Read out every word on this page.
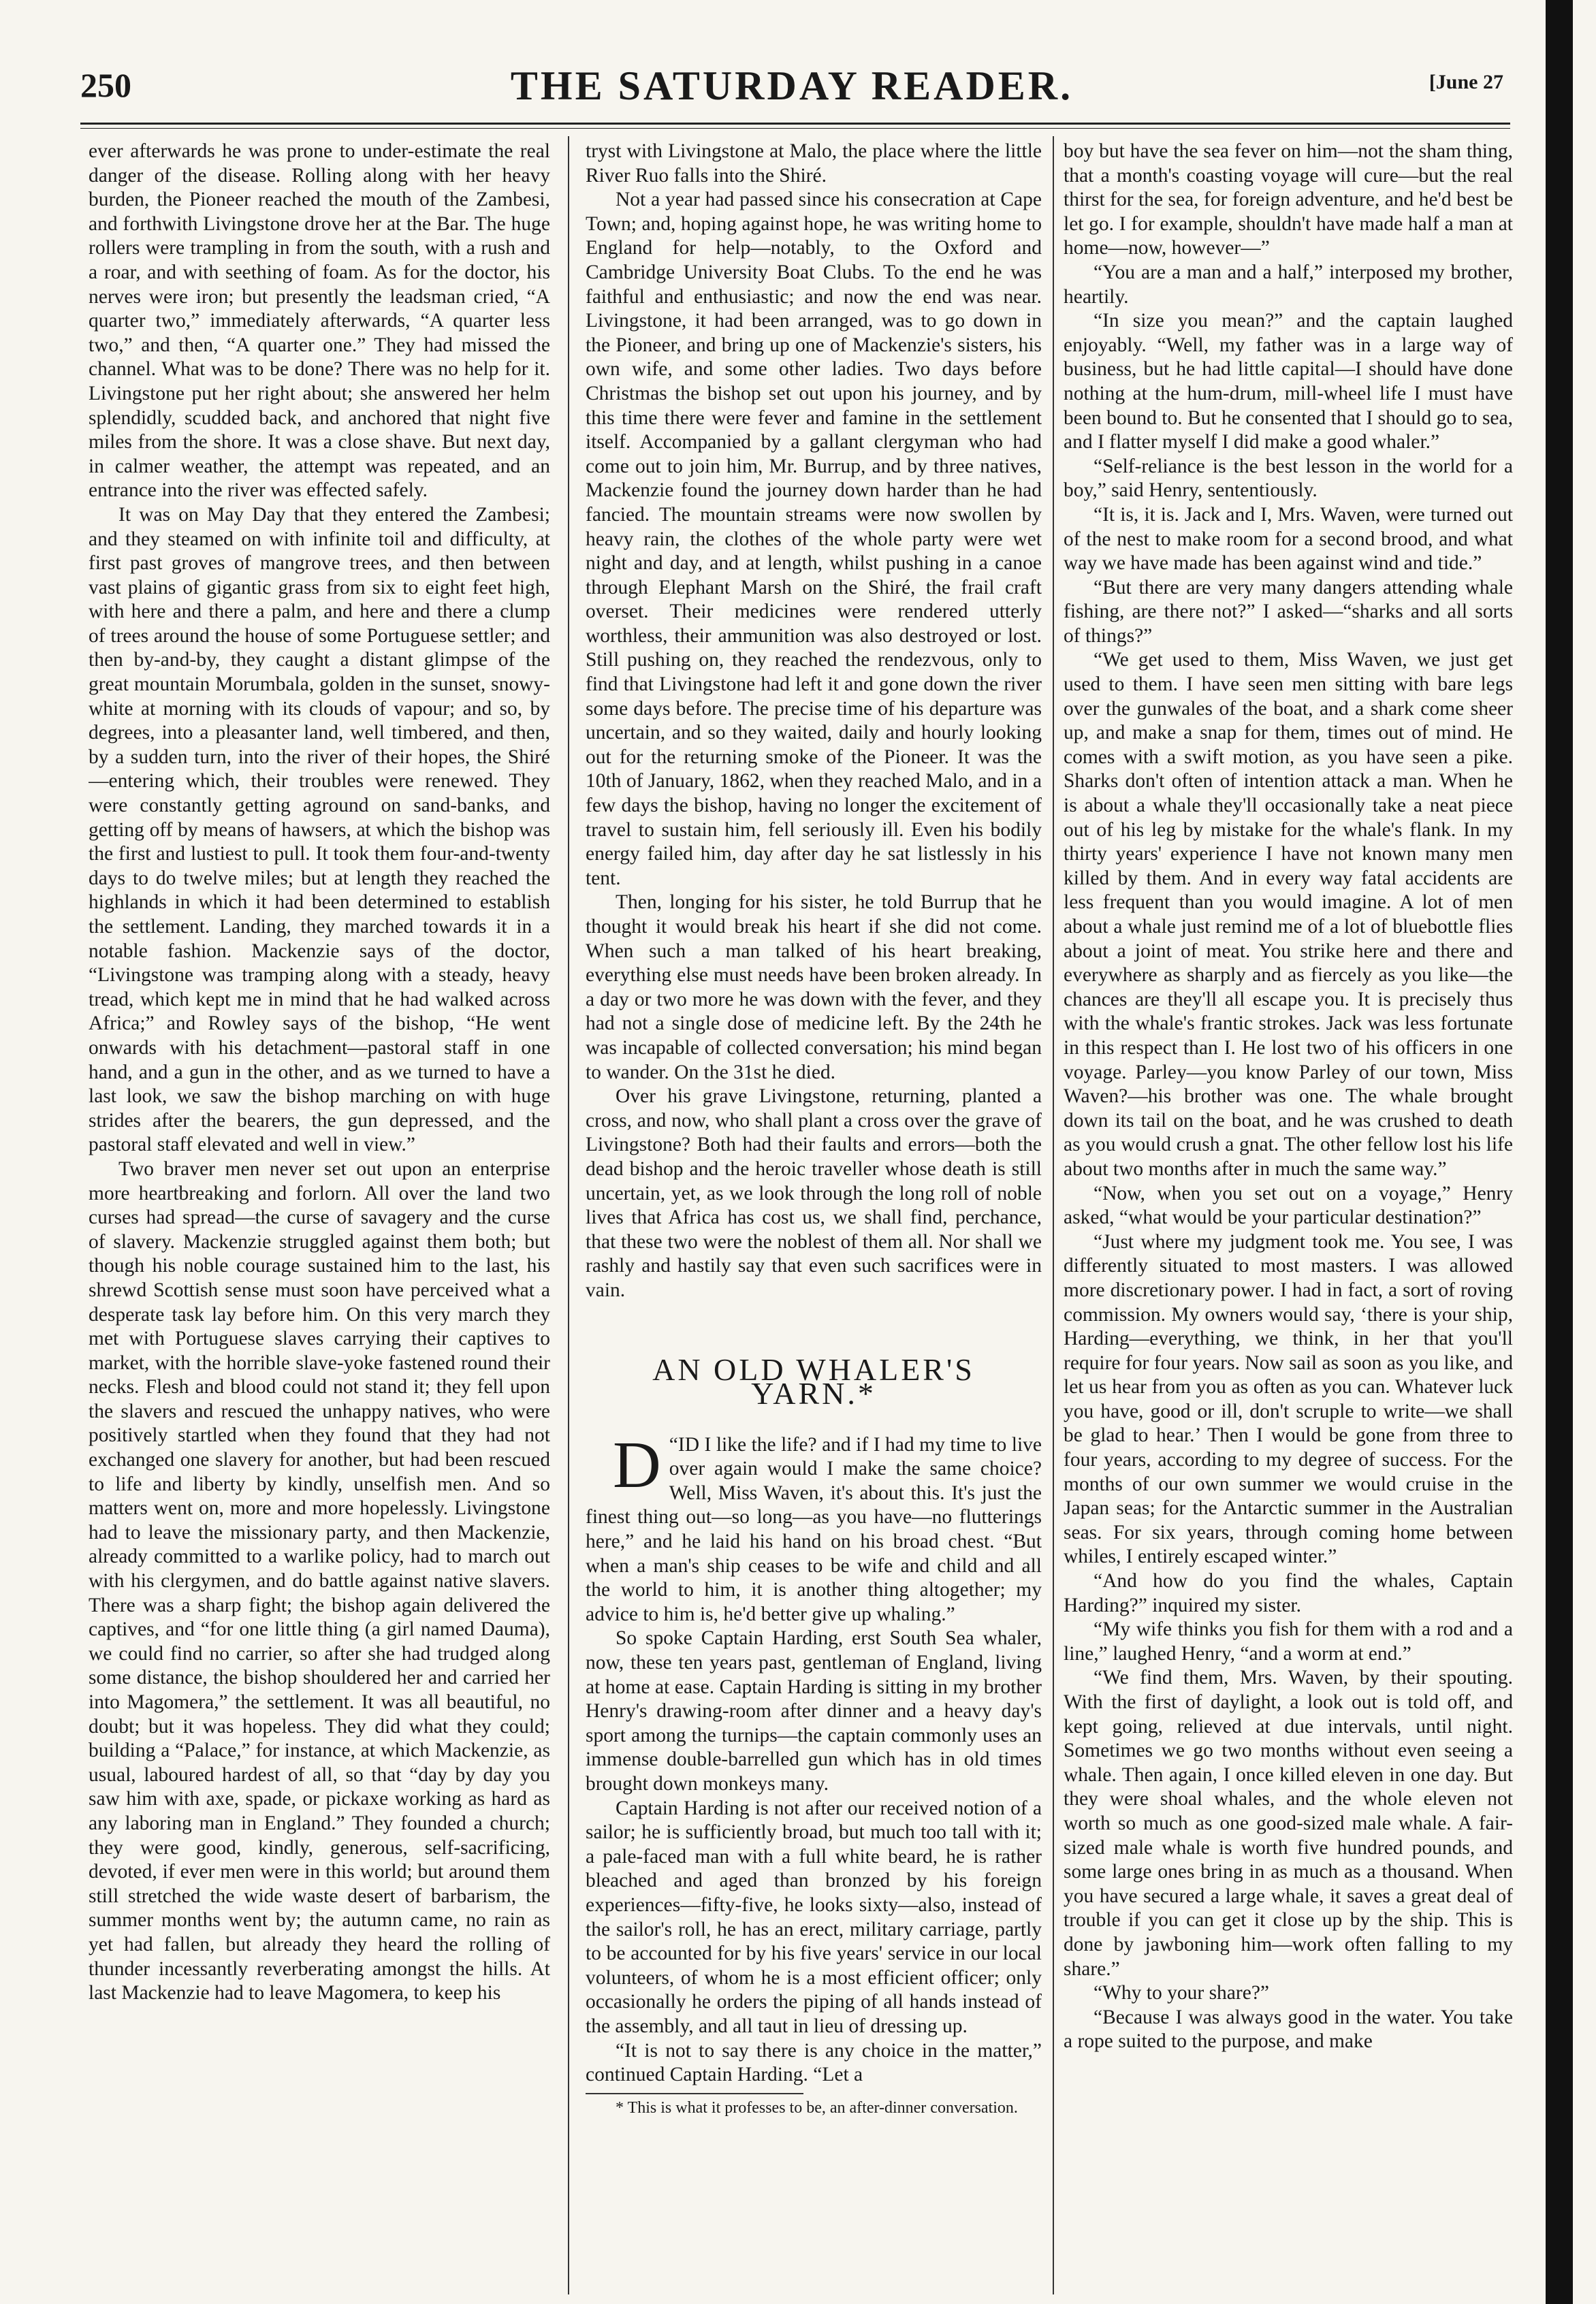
250	THE SATURDAY READER.	[June 27

ever afterwards he was prone to under-estimate the real danger of the disease. Rolling along with her heavy burden, the Pioneer reached the mouth of the Zambesi, and forthwith Livingstone drove her at the Bar. The huge rollers were trampling in from the south, with a rush and a roar, and with seething of foam. As for the doctor, his nerves were iron; but presently the leadsman cried, “A quarter two,” immediately afterwards, “A quarter less two,” and then, “A quarter one.” They had missed the channel. What was to be done? There was no help for it. Livingstone put her right about; she answered her helm splendidly, scudded back, and anchored that night five miles from the shore. It was a close shave. But next day, in calmer weather, the attempt was repeated, and an entrance into the river was effected safely.

It was on May Day that they entered the Zambesi; and they steamed on with infinite toil and difficulty, at first past groves of mangrove trees, and then between vast plains of gigantic grass from six to eight feet high, with here and there a palm, and here and there a clump of trees around the house of some Portuguese settler; and then by-and-by, they caught a distant glimpse of the great mountain Morumbala, golden in the sunset, snowy-white at morning with its clouds of vapour; and so, by degrees, into a pleasanter land, well timbered, and then, by a sudden turn, into the river of their hopes, the Shiré—entering which, their troubles were renewed. They were constantly getting aground on sand-banks, and getting off by means of hawsers, at which the bishop was the first and lustiest to pull. It took them four-and-twenty days to do twelve miles; but at length they reached the highlands in which it had been determined to establish the settlement. Landing, they marched towards it in a notable fashion. Mackenzie says of the doctor, “Livingstone was tramping along with a steady, heavy tread, which kept me in mind that he had walked across Africa;” and Rowley says of the bishop, “He went onwards with his detachment—pastoral staff in one hand, and a gun in the other, and as we turned to have a last look, we saw the bishop marching on with huge strides after the bearers, the gun depressed, and the pastoral staff elevated and well in view.”

Two braver men never set out upon an enterprise more heartbreaking and forlorn. All over the land two curses had spread—the curse of savagery and the curse of slavery. Mackenzie struggled against them both; but though his noble courage sustained him to the last, his shrewd Scottish sense must soon have perceived what a desperate task lay before him. On this very march they met with Portuguese slaves carrying their captives to market, with the horrible slave-yoke fastened round their necks. Flesh and blood could not stand it; they fell upon the slavers and rescued the unhappy natives, who were positively startled when they found that they had not exchanged one slavery for another, but had been rescued to life and liberty by kindly, unselfish men. And so matters went on, more and more hopelessly. Livingstone had to leave the missionary party, and then Mackenzie, already committed to a warlike policy, had to march out with his clergymen, and do battle against native slavers. There was a sharp fight; the bishop again delivered the captives, and “for one little thing (a girl named Dauma), we could find no carrier, so after she had trudged along some distance, the bishop shouldered her and carried her into Magomera,” the settlement. It was all beautiful, no doubt; but it was hopeless. They did what they could; building a “Palace,” for instance, at which Mackenzie, as usual, laboured hardest of all, so that “day by day you saw him with axe, spade, or pickaxe working as hard as any laboring man in England.” They founded a church; they were good, kindly, generous, self-sacrificing, devoted, if ever men were in this world; but around them still stretched the wide waste desert of barbarism, the summer months went by; the autumn came, no rain as yet had fallen, but already they heard the rolling of thunder incessantly reverberating amongst the hills. At last Mackenzie had to leave Magomera, to keep his

tryst with Livingstone at Malo, the place where the little River Ruo falls into the Shiré.

Not a year had passed since his consecration at Cape Town; and, hoping against hope, he was writing home to England for help—notably, to the Oxford and Cambridge University Boat Clubs. To the end he was faithful and enthusiastic; and now the end was near. Livingstone, it had been arranged, was to go down in the Pioneer, and bring up one of Mackenzie's sisters, his own wife, and some other ladies. Two days before Christmas the bishop set out upon his journey, and by this time there were fever and famine in the settlement itself. Accompanied by a gallant clergyman who had come out to join him, Mr. Burrup, and by three natives, Mackenzie found the journey down harder than he had fancied. The mountain streams were now swollen by heavy rain, the clothes of the whole party were wet night and day, and at length, whilst pushing in a canoe through Elephant Marsh on the Shiré, the frail craft overset. Their medicines were rendered utterly worthless, their ammunition was also destroyed or lost. Still pushing on, they reached the rendezvous, only to find that Livingstone had left it and gone down the river some days before. The precise time of his departure was uncertain, and so they waited, daily and hourly looking out for the returning smoke of the Pioneer. It was the 10th of January, 1862, when they reached Malo, and in a few days the bishop, having no longer the excitement of travel to sustain him, fell seriously ill. Even his bodily energy failed him, day after day he sat listlessly in his tent.

Then, longing for his sister, he told Burrup that he thought it would break his heart if she did not come. When such a man talked of his heart breaking, everything else must needs have been broken already. In a day or two more he was down with the fever, and they had not a single dose of medicine left. By the 24th he was incapable of collected conversation; his mind began to wander. On the 31st he died.

Over his grave Livingstone, returning, planted a cross, and now, who shall plant a cross over the grave of Livingstone? Both had their faults and errors—both the dead bishop and the heroic traveller whose death is still uncertain, yet, as we look through the long roll of noble lives that Africa has cost us, we shall find, perchance, that these two were the noblest of them all. Nor shall we rashly and hastily say that even such sacrifices were in vain.

AN OLD WHALER'S YARN.*

D “ID I like the life? and if I had my time to live over again would I make the same choice? Well, Miss Waven, it's about this. It's just the finest thing out—so long—as you have—no flutterings here,” and he laid his hand on his broad chest. “But when a man's ship ceases to be wife and child and all the world to him, it is another thing altogether; my advice to him is, he'd better give up whaling.”

So spoke Captain Harding, erst South Sea whaler, now, these ten years past, gentleman of England, living at home at ease. Captain Harding is sitting in my brother Henry's drawing-room after dinner and a heavy day's sport among the turnips—the captain commonly uses an immense double-barrelled gun which has in old times brought down monkeys many.

Captain Harding is not after our received notion of a sailor; he is sufficiently broad, but much too tall with it; a pale-faced man with a full white beard, he is rather bleached and aged than bronzed by his foreign experiences—fifty-five, he looks sixty—also, instead of the sailor's roll, he has an erect, military carriage, partly to be accounted for by his five years' service in our local volunteers, of whom he is a most efficient officer; only occasionally he orders the piping of all hands instead of the assembly, and all taut in lieu of dressing up.

“It is not to say there is any choice in the matter,” continued Captain Harding. “Let a

* This is what it professes to be, an after-dinner conversation.

boy but have the sea fever on him—not the sham thing, that a month's coasting voyage will cure—but the real thirst for the sea, for foreign adventure, and he'd best be let go. I for example, shouldn't have made half a man at home—now, however—”

“You are a man and a half,” interposed my brother, heartily.

“In size you mean?” and the captain laughed enjoyably. “Well, my father was in a large way of business, but he had little capital—I should have done nothing at the hum-drum, mill-wheel life I must have been bound to. But he consented that I should go to sea, and I flatter myself I did make a good whaler.”

“Self-reliance is the best lesson in the world for a boy,” said Henry, sententiously.

“It is, it is. Jack and I, Mrs. Waven, were turned out of the nest to make room for a second brood, and what way we have made has been against wind and tide.”

“But there are very many dangers attending whale fishing, are there not?” I asked—“sharks and all sorts of things?”

“We get used to them, Miss Waven, we just get used to them. I have seen men sitting with bare legs over the gunwales of the boat, and a shark come sheer up, and make a snap for them, times out of mind. He comes with a swift motion, as you have seen a pike. Sharks don't often of intention attack a man. When he is about a whale they'll occasionally take a neat piece out of his leg by mistake for the whale's flank. In my thirty years' experience I have not known many men killed by them. And in every way fatal accidents are less frequent than you would imagine. A lot of men about a whale just remind me of a lot of bluebottle flies about a joint of meat. You strike here and there and everywhere as sharply and as fiercely as you like—the chances are they'll all escape you. It is precisely thus with the whale's frantic strokes. Jack was less fortunate in this respect than I. He lost two of his officers in one voyage. Parley—you know Parley of our town, Miss Waven?—his brother was one. The whale brought down its tail on the boat, and he was crushed to death as you would crush a gnat. The other fellow lost his life about two months after in much the same way.”

“Now, when you set out on a voyage,” Henry asked, “what would be your particular destination?”

“Just where my judgment took me. You see, I was differently situated to most masters. I was allowed more discretionary power. I had in fact, a sort of roving commission. My owners would say, ‘there is your ship, Harding—everything, we think, in her that you'll require for four years. Now sail as soon as you like, and let us hear from you as often as you can. Whatever luck you have, good or ill, don't scruple to write—we shall be glad to hear.’ Then I would be gone from three to four years, according to my degree of success. For the months of our own summer we would cruise in the Japan seas; for the Antarctic summer in the Australian seas. For six years, through coming home between whiles, I entirely escaped winter.”

“And how do you find the whales, Captain Harding?” inquired my sister.

“My wife thinks you fish for them with a rod and a line,” laughed Henry, “and a worm at end.”

“We find them, Mrs. Waven, by their spouting. With the first of daylight, a look out is told off, and kept going, relieved at due intervals, until night. Sometimes we go two months without even seeing a whale. Then again, I once killed eleven in one day. But they were shoal whales, and the whole eleven not worth so much as one good-sized male whale. A fair-sized male whale is worth five hundred pounds, and some large ones bring in as much as a thousand. When you have secured a large whale, it saves a great deal of trouble if you can get it close up by the ship. This is done by jawboning him—work often falling to my share.”

“Why to your share?”

“Because I was always good in the water. You take a rope suited to the purpose, and make
